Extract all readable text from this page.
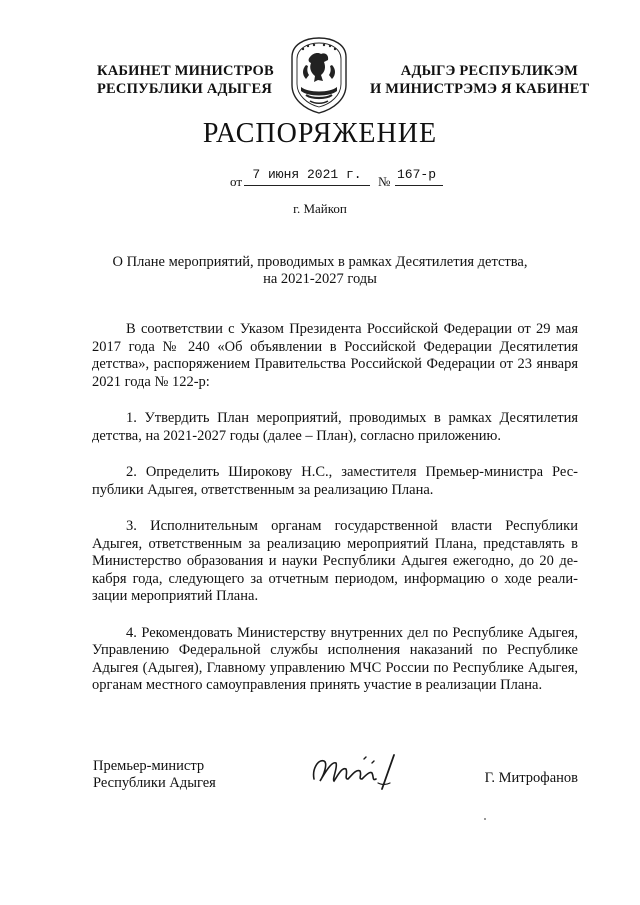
КАБИНЕТ МИНИСТРОВ
РЕСПУБЛИКИ АДЫГЕЯ
АДЫГЭ РЕСПУБЛИКЭМ
И МИНИСТРЭМЭ Я КАБИНЕТ
РАСПОРЯЖЕНИЕ
от 7 июня 2021 г.	№ 167-р
г. Майкоп
О Плане мероприятий, проводимых в рамках Десятилетия детства,
на 2021-2027 годы

В соответствии с Указом Президента Российской Федерации от 29 мая 2017 года № 240 «Об объявлении в Российской Федерации Десятилетия детства», распоряжением Правительства Российской Федерации от 23 января 2021 года № 122-р:

1. Утвердить План мероприятий, проводимых в рамках Десятилетия детства, на 2021-2027 годы (далее – План), согласно приложению.

2. Определить Широкову Н.С., заместителя Премьер-министра Республики Адыгея, ответственным за реализацию Плана.

3. Исполнительным органам государственной власти Республики Адыгея, ответственным за реализацию мероприятий Плана, представлять в Министерство образования и науки Республики Адыгея ежегодно, до 20 декабря года, следующего за отчетным периодом, информацию о ходе реализации мероприятий Плана.

4. Рекомендовать Министерству внутренних дел по Республике Адыгея, Управлению Федеральной службы исполнения наказаний по Республике Адыгея (Адыгея), Главному управлению МЧС России по Республике Адыгея, органам местного самоуправления принять участие в реализации Плана.

Премьер-министр
Республики Адыгея	Г. Митрофанов
